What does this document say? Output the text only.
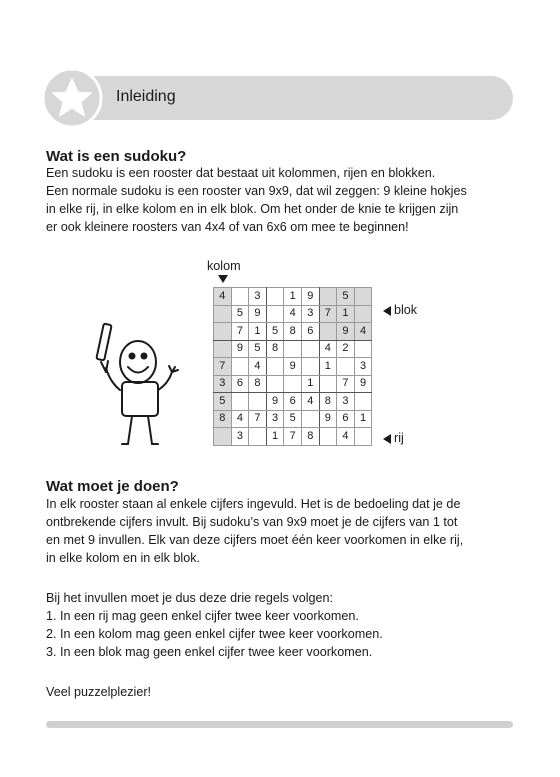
Inleiding
Wat is een sudoku?

Een sudoku is een rooster dat bestaat uit kolommen, rijen en blokken.

Een normale sudoku is een rooster van 9x9, dat wil zeggen: 9 kleine hokjes

in elke rij, in elke kolom en in elk blok. Om het onder de knie te krijgen zijn

er ook kleinere roosters van 4x4 of van 6x6 om mee te beginnen!

kolom
4		3		1	9		5	
	5	9		4	3	7	1	
	7	1	5	8	6		9	4
	9	5	8			4	2	
7		4		9		1		3
3	6	8			1		7	9
5			9	6	4	8	3	
8	4	7	3	5		9	6	1
	3		1	7	8		4	
blok
rij
Wat moet je doen?

In elk rooster staan al enkele cijfers ingevuld. Het is de bedoeling dat je de

ontbrekende cijfers invult. Bij sudoku’s van 9x9 moet je de cijfers van 1 tot

en met 9 invullen. Elk van deze cijfers moet één keer voorkomen in elke rij,

in elke kolom en in elk blok.

Bij het invullen moet je dus deze drie regels volgen:

1. In een rij mag geen enkel cijfer twee keer voorkomen.

2. In een kolom mag geen enkel cijfer twee keer voorkomen.

3. In een blok mag geen enkel cijfer twee keer voorkomen.

Veel puzzelplezier!
